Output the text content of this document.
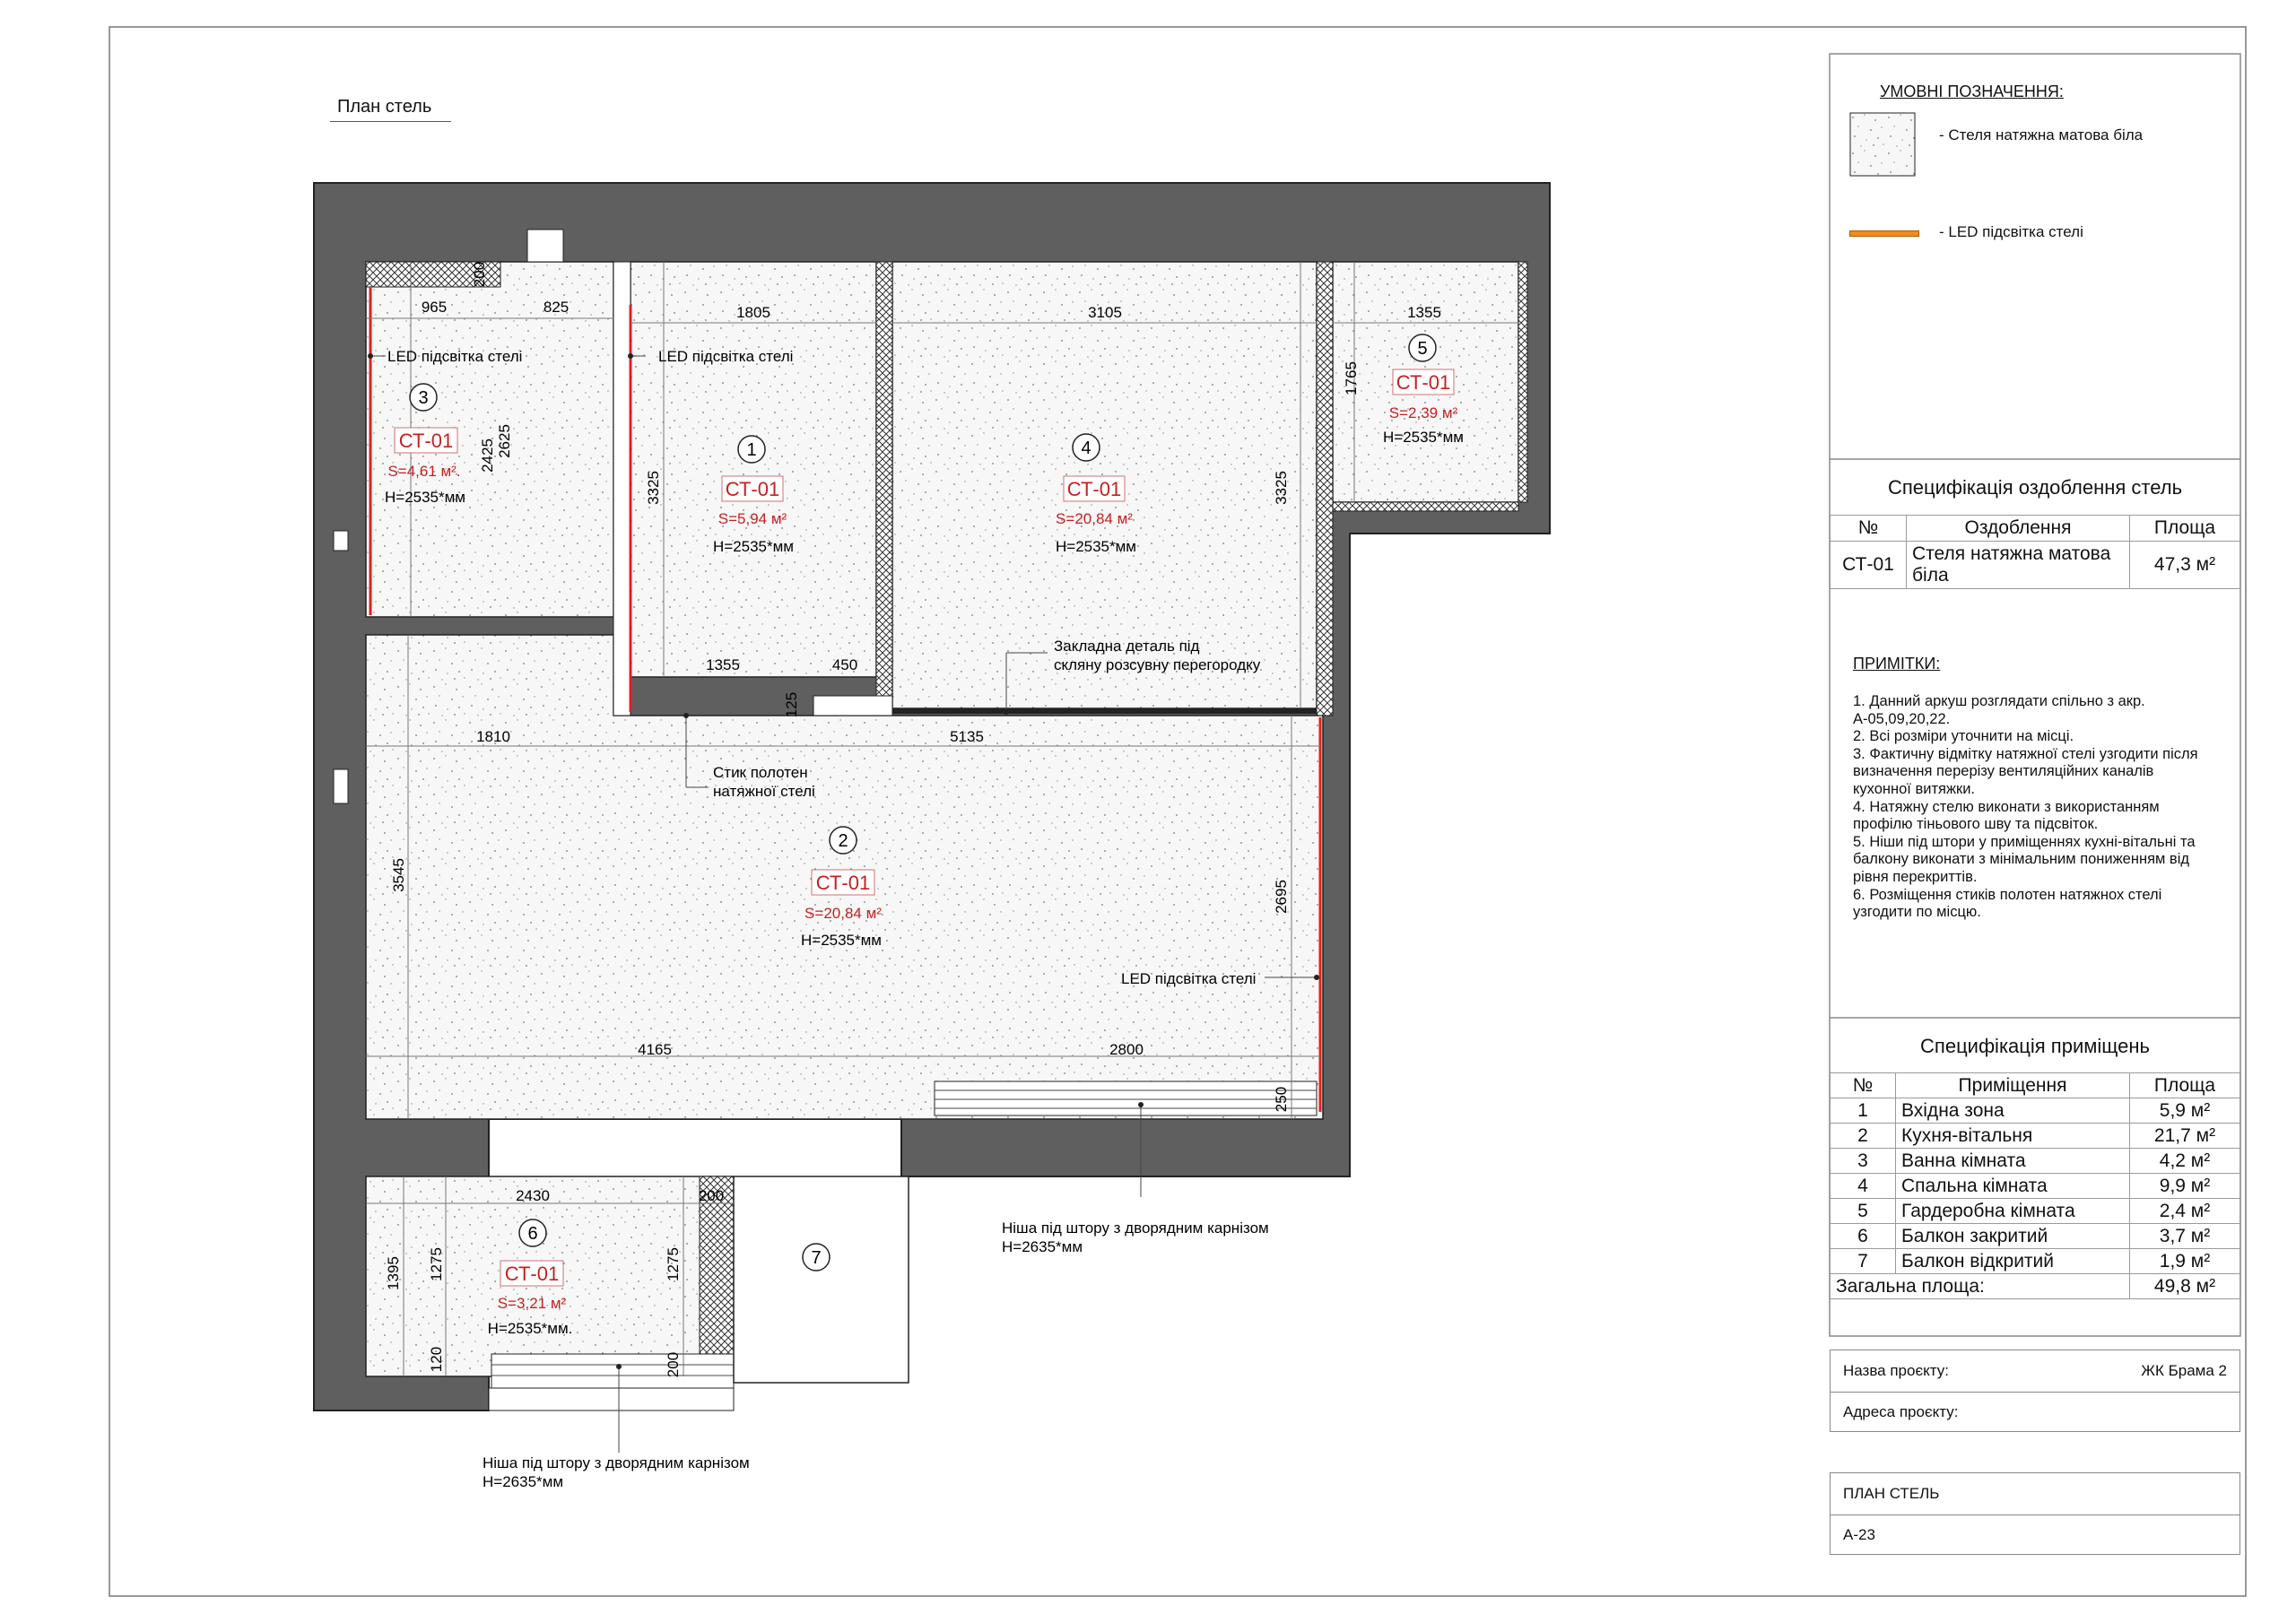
План стель
1
СТ-01
S=5,94 м²
H=2535*мм
2
СТ-01
S=20,84 м²
H=2535*мм
3
СТ-01
S=4,61 м².
H=2535*мм
4
СТ-01
S=20,84 м²
H=2535*мм
5
СТ-01
S=2,39 м²
H=2535*мм
6
СТ-01
S=3,21 м²
H=2535*мм.
7
965	825	1805	3105	1355
1355	450
1810	5135
4165	2800
2430	200
200
2425 2625
3325	3325
1765
125
3545
2695
250
1395 1275	1275
120	200
LED підсвітка стелі	LED підсвітка стелі
LED підсвітка стелі
Закладна деталь під
скляну розсувну перегородку
Стик полотен
натяжної стелі
Ніша під штору з дворядним карнізом
H=2635*мм
Ніша під штору з дворядним карнізом
H=2635*мм
УМОВНІ ПОЗНАЧЕННЯ:
- Стеля натяжна матова біла
- LED підсвітка стелі
Специфікація оздоблення стель
№	Оздоблення	Площа
СТ-01	Стеля натяжна матова біла	47,3 м²
ПРИМІТКИ:
1. Данний аркуш розглядати спільно з акр.
А-05,09,20,22.
2. Всі розміри уточнити на місці.
3. Фактичну відмітку натяжної стелі узгодити після
визначення перерізу вентиляційних каналів
кухонної витяжки.
4. Натяжну стелю виконати з використанням
профілю тіньового шву та підсвіток.
5. Ніши під штори у приміщеннях кухні-вітальні та
балкону виконати з мінімальним пониженням від
рівня перекриттів.
6. Розміщення стиків полотен натяжнох стелі
узгодити по місцю.
Специфікація приміщень
№	Приміщення	Площа
1	Вхідна зона	5,9 м²
2	Кухня-вітальня	21,7 м²
3	Ванна кімната	4,2 м²
4	Спальна кімната	9,9 м²
5	Гардеробна кімната	2,4 м²
6	Балкон закритий	3,7 м²
7	Балкон відкритий	1,9 м²
Загальна площа:		49,8 м²
Назва проєкту:	ЖК Брама 2
Адреса проєкту:
ПЛАН СТЕЛЬ
А-23
